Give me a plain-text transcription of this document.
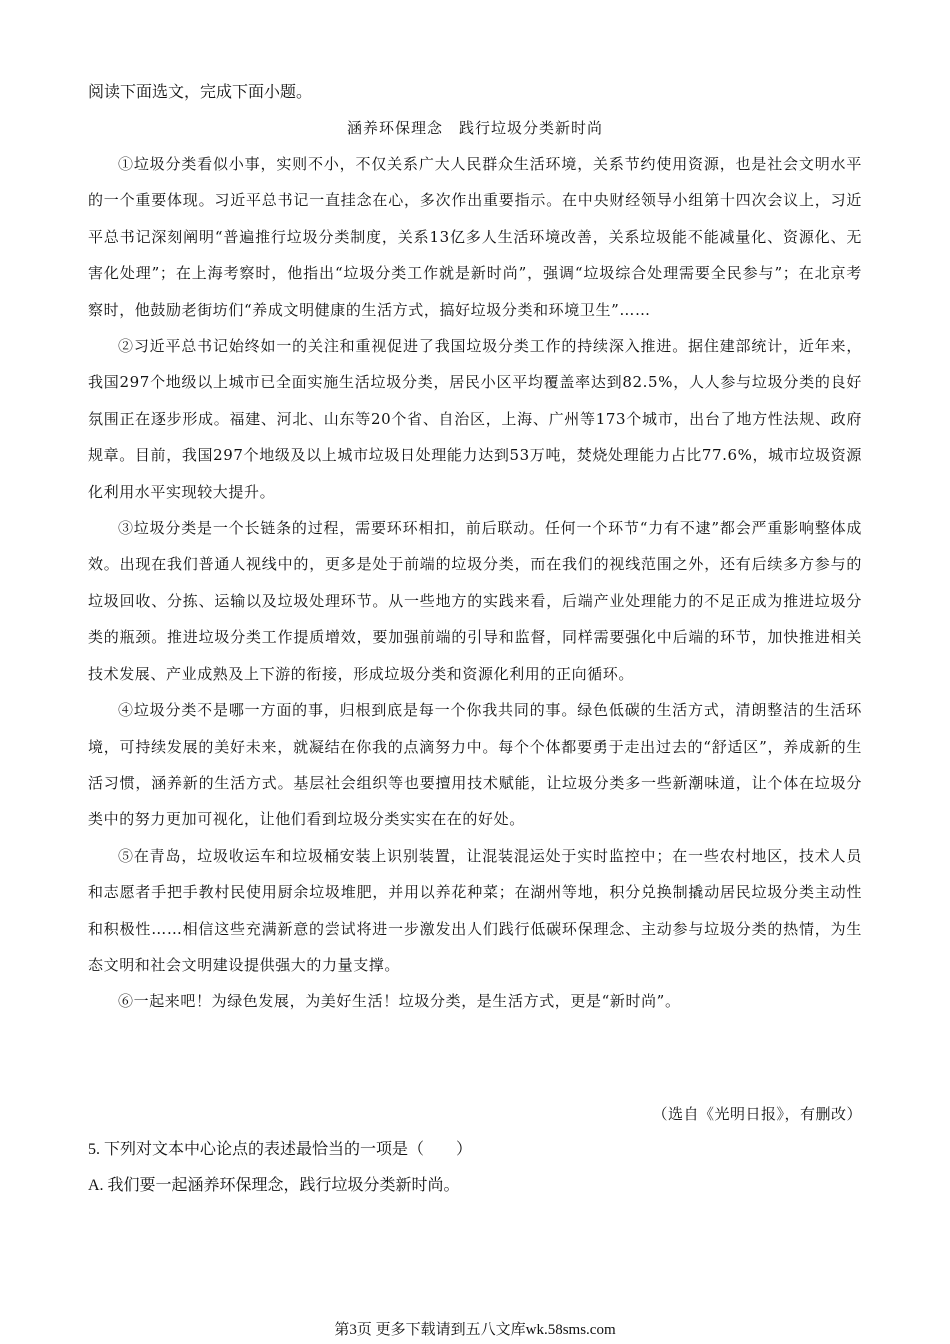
阅读下面选文，完成下面小题。
涵养环保理念　践行垃圾分类新时尚

①垃圾分类看似小事，实则不小，不仅关系广大人民群众生活环境，关系节约使用资源，也是社会文明水平的一个重要体现。习近平总书记一直挂念在心，多次作出重要指示。在中央财经领导小组第十四次会议上，习近平总书记深刻阐明“普遍推行垃圾分类制度，关系13亿多人生活环境改善，关系垃圾能不能减量化、资源化、无害化处理”；在上海考察时，他指出“垃圾分类工作就是新时尚”，强调“垃圾综合处理需要全民参与”；在北京考察时，他鼓励老街坊们“养成文明健康的生活方式，搞好垃圾分类和环境卫生”……

②习近平总书记始终如一的关注和重视促进了我国垃圾分类工作的持续深入推进。据住建部统计，近年来，我国297个地级以上城市已全面实施生活垃圾分类，居民小区平均覆盖率达到82.5%，人人参与垃圾分类的良好氛围正在逐步形成。福建、河北、山东等20个省、自治区，上海、广州等173个城市，出台了地方性法规、政府规章。目前，我国297个地级及以上城市垃圾日处理能力达到53万吨，焚烧处理能力占比77.6%，城市垃圾资源化利用水平实现较大提升。

③垃圾分类是一个长链条的过程，需要环环相扣，前后联动。任何一个环节“力有不逮”都会严重影响整体成效。出现在我们普通人视线中的，更多是处于前端的垃圾分类，而在我们的视线范围之外，还有后续多方参与的垃圾回收、分拣、运输以及垃圾处理环节。从一些地方的实践来看，后端产业处理能力的不足正成为推进垃圾分类的瓶颈。推进垃圾分类工作提质增效，要加强前端的引导和监督，同样需要强化中后端的环节，加快推进相关技术发展、产业成熟及上下游的衔接，形成垃圾分类和资源化利用的正向循环。

④垃圾分类不是哪一方面的事，归根到底是每一个你我共同的事。绿色低碳的生活方式，清朗整洁的生活环境，可持续发展的美好未来，就凝结在你我的点滴努力中。每个个体都要勇于走出过去的“舒适区”，养成新的生活习惯，涵养新的生活方式。基层社会组织等也要擅用技术赋能，让垃圾分类多一些新潮味道，让个体在垃圾分类中的努力更加可视化，让他们看到垃圾分类实实在在的好处。

⑤在青岛，垃圾收运车和垃圾桶安装上识别装置，让混装混运处于实时监控中；在一些农村地区，技术人员和志愿者手把手教村民使用厨余垃圾堆肥，并用以养花种菜；在湖州等地，积分兑换制撬动居民垃圾分类主动性和积极性……相信这些充满新意的尝试将进一步激发出人们践行低碳环保理念、主动参与垃圾分类的热情，为生态文明和社会文明建设提供强大的力量支撑。

⑥一起来吧！为绿色发展，为美好生活！垃圾分类，是生活方式，更是“新时尚”。

（选自《光明日报》，有删改）
5. 下列对文本中心论点的表述最恰当的一项是（　　）
A. 我们要一起涵养环保理念，践行垃圾分类新时尚。
第3页 更多下载请到五八文库wk.58sms.com
